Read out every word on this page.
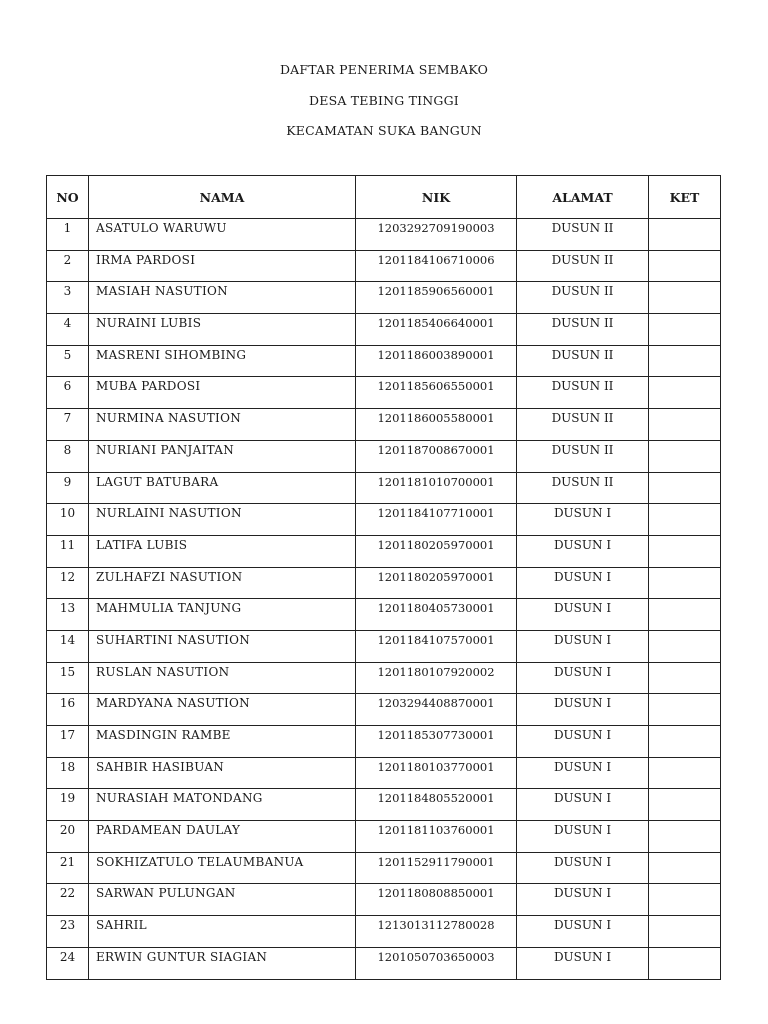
DAFTAR PENERIMA SEMBAKO
DESA TEBING TINGGI
KECAMATAN SUKA BANGUN
NO	NAMA	NIK	ALAMAT	KET
1	ASATULO WARUWU	1203292709190003	DUSUN II	
2	IRMA PARDOSI	1201184106710006	DUSUN II	
3	MASIAH NASUTION	1201185906560001	DUSUN II	
4	NURAINI LUBIS	1201185406640001	DUSUN II	
5	MASRENI SIHOMBING	1201186003890001	DUSUN II	
6	MUBA PARDOSI	1201185606550001	DUSUN II	
7	NURMINA NASUTION	1201186005580001	DUSUN II	
8	NURIANI PANJAITAN	1201187008670001	DUSUN II	
9	LAGUT BATUBARA	1201181010700001	DUSUN II	
10	NURLAINI NASUTION	1201184107710001	DUSUN I	
11	LATIFA LUBIS	1201180205970001	DUSUN I	
12	ZULHAFZI NASUTION	1201180205970001	DUSUN I	
13	MAHMULIA TANJUNG	1201180405730001	DUSUN I	
14	SUHARTINI NASUTION	1201184107570001	DUSUN I	
15	RUSLAN NASUTION	1201180107920002	DUSUN I	
16	MARDYANA NASUTION	1203294408870001	DUSUN I	
17	MASDINGIN RAMBE	1201185307730001	DUSUN I	
18	SAHBIR HASIBUAN	1201180103770001	DUSUN I	
19	NURASIAH MATONDANG	1201184805520001	DUSUN I	
20	PARDAMEAN DAULAY	1201181103760001	DUSUN I	
21	SOKHIZATULO TELAUMBANUA	1201152911790001	DUSUN I	
22	SARWAN PULUNGAN	1201180808850001	DUSUN I	
23	SAHRIL	1213013112780028	DUSUN I	
24	ERWIN GUNTUR SIAGIAN	1201050703650003	DUSUN I	
